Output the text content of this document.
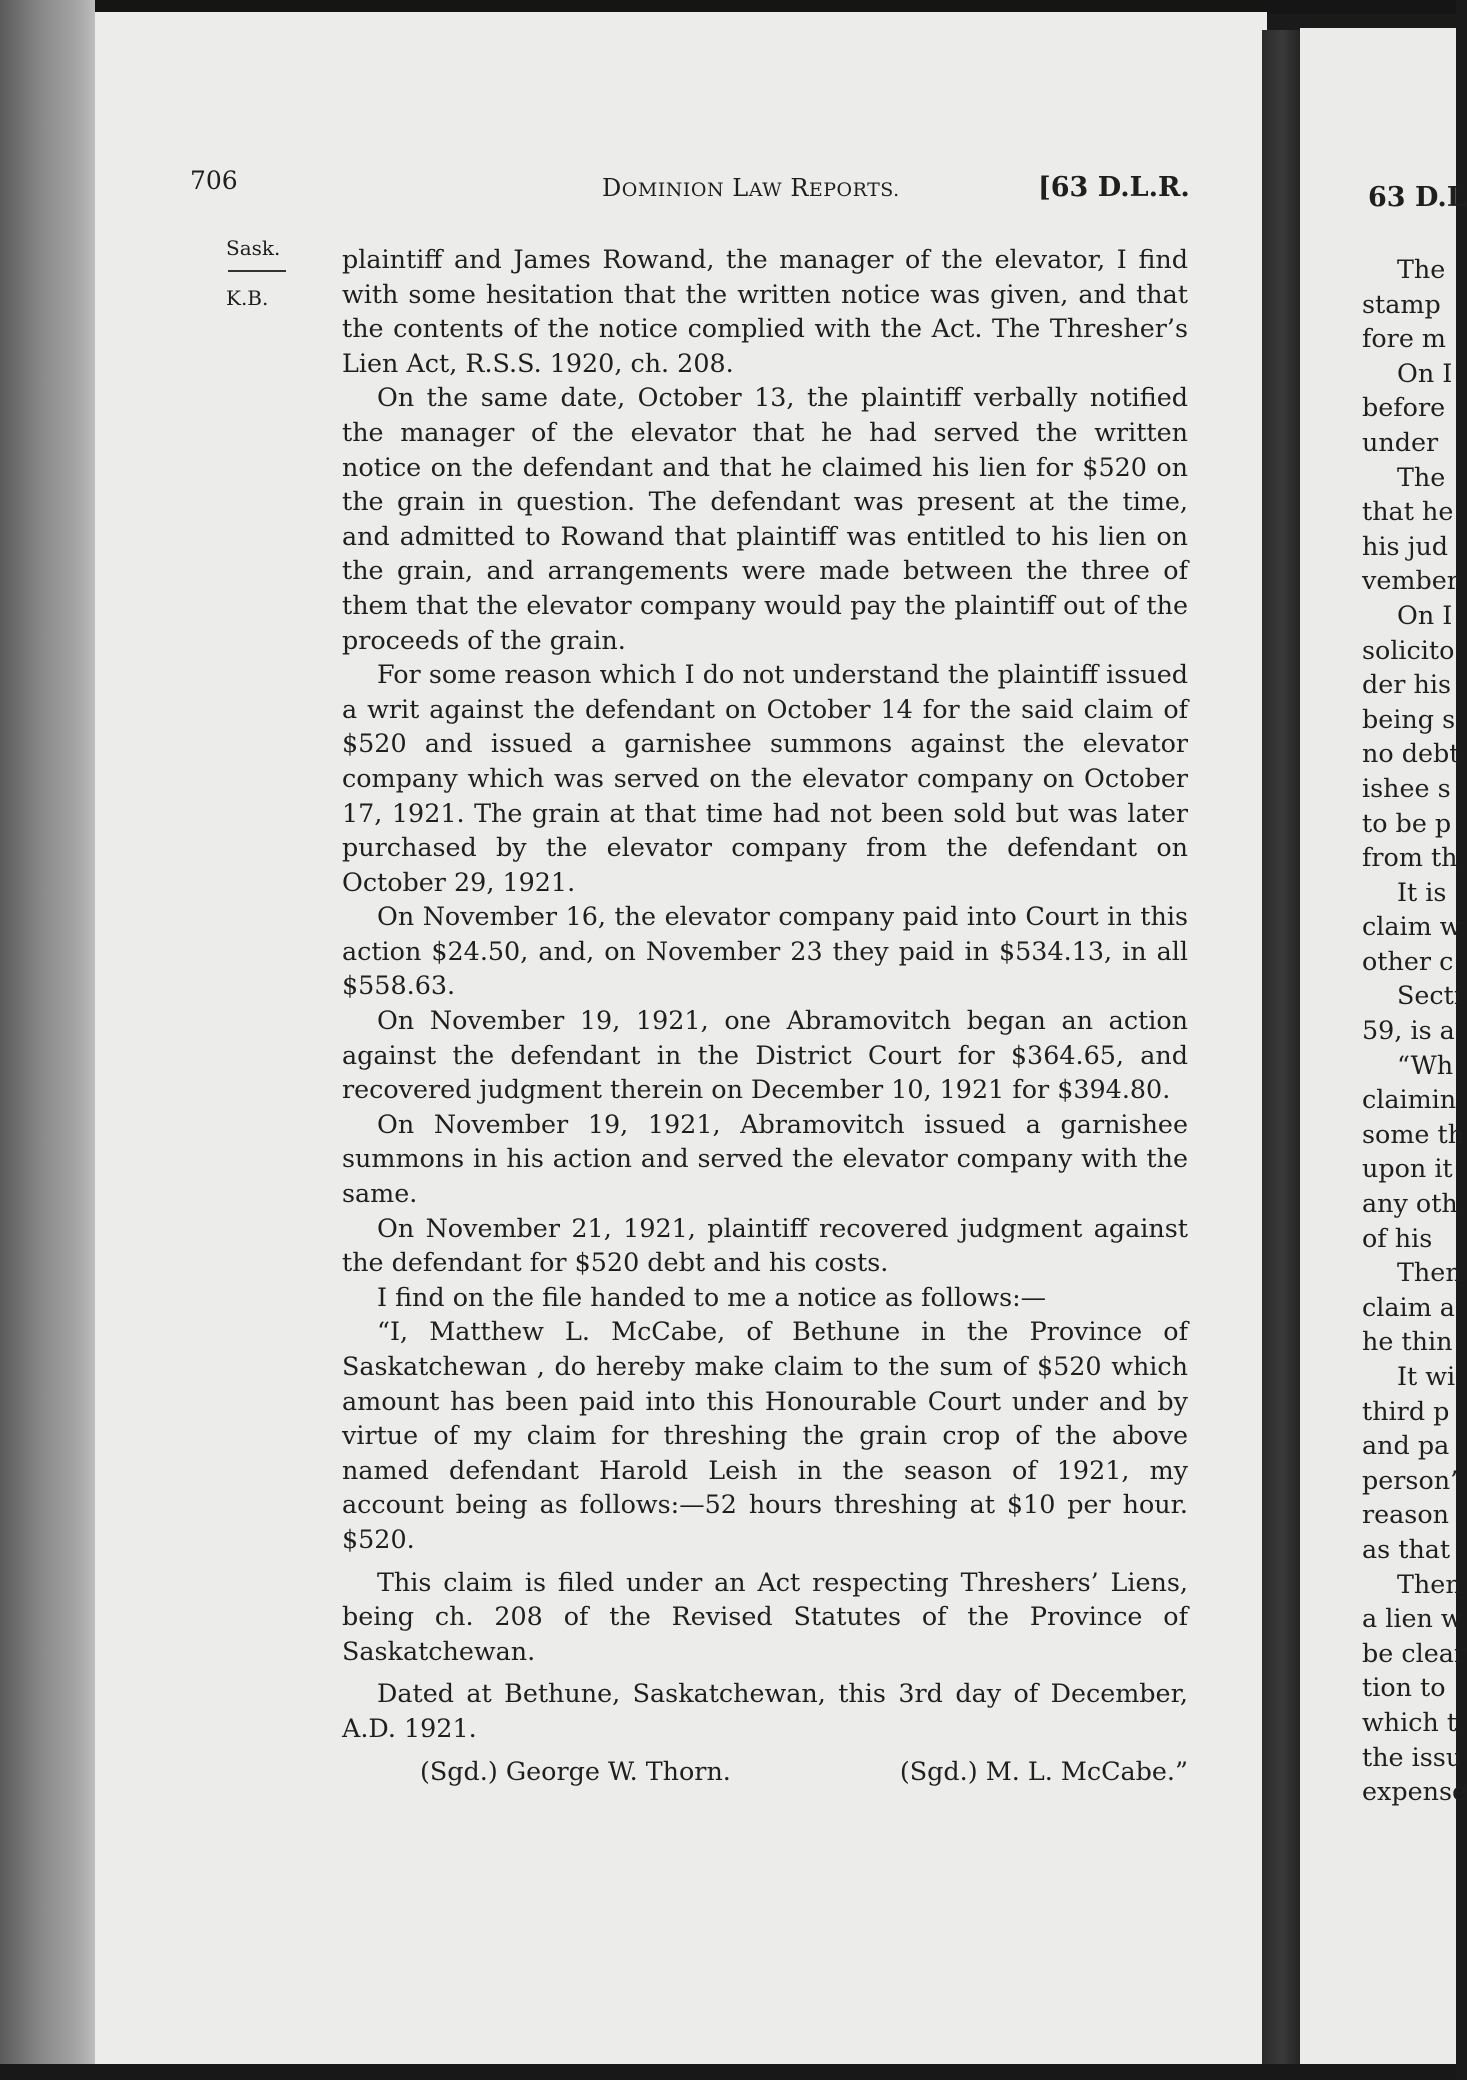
706	DOMINION LAW REPORTS.	[63 D.L.R.
Sask.
K.B.

plaintiff and James Rowand, the manager of the elevator, I find with some hesitation that the written notice was given, and that the contents of the notice complied with the Act. The Thresher’s Lien Act, R.S.S. 1920, ch. 208.

On the same date, October 13, the plaintiff verbally notified the manager of the elevator that he had served the written notice on the defendant and that he claimed his lien for $520 on the grain in question. The defendant was present at the time, and admitted to Rowand that plaintiff was entitled to his lien on the grain, and arrangements were made between the three of them that the elevator company would pay the plaintiff out of the proceeds of the grain.

For some reason which I do not understand the plaintiff issued a writ against the defendant on October 14 for the said claim of $520 and issued a garnishee summons against the elevator company which was served on the elevator company on October 17, 1921. The grain at that time had not been sold but was later purchased by the elevator company from the defendant on October 29, 1921.

On November 16, the elevator company paid into Court in this action $24.50, and, on November 23 they paid in $534.13, in all $558.63.

On November 19, 1921, one Abramovitch began an action against the defendant in the District Court for $364.65, and recovered judgment therein on December 10, 1921 for $394.80.

On November 19, 1921, Abramovitch issued a garnishee summons in his action and served the elevator company with the same.

On November 21, 1921, plaintiff recovered judgment against the defendant for $520 debt and his costs.

I find on the file handed to me a notice as follows:—

“I, Matthew L. McCabe, of Bethune in the Province of Saskatchewan , do hereby make claim to the sum of $520 which amount has been paid into this Honourable Court under and by virtue of my claim for threshing the grain crop of the above named defendant Harold Leish in the season of 1921, my account being as follows:—52 hours threshing at $10 per hour. $520.

This claim is filed under an Act respecting Threshers’ Liens, being ch. 208 of the Revised Statutes of the Province of Saskatchewan.

Dated at Bethune, Saskatchewan, this 3rd day of December, A.D. 1921.

(Sgd.) George W. Thorn.	(Sgd.) M. L. McCabe.”
63 D.L
The
stamp
fore m
On I
before
under
The
that he
his jud
vember
On I
solicito
der his
being s
no debt
ishee s
to be p
from th
It is
claim w
other c
Secti
59, is a
“Wh
claimin
some th
upon it
any oth
of his
Then
claim a
he thin
It wi
third p
and pa
person’
reason
as that
Then
a lien w
be clear
tion to
which t
the issu
expense
